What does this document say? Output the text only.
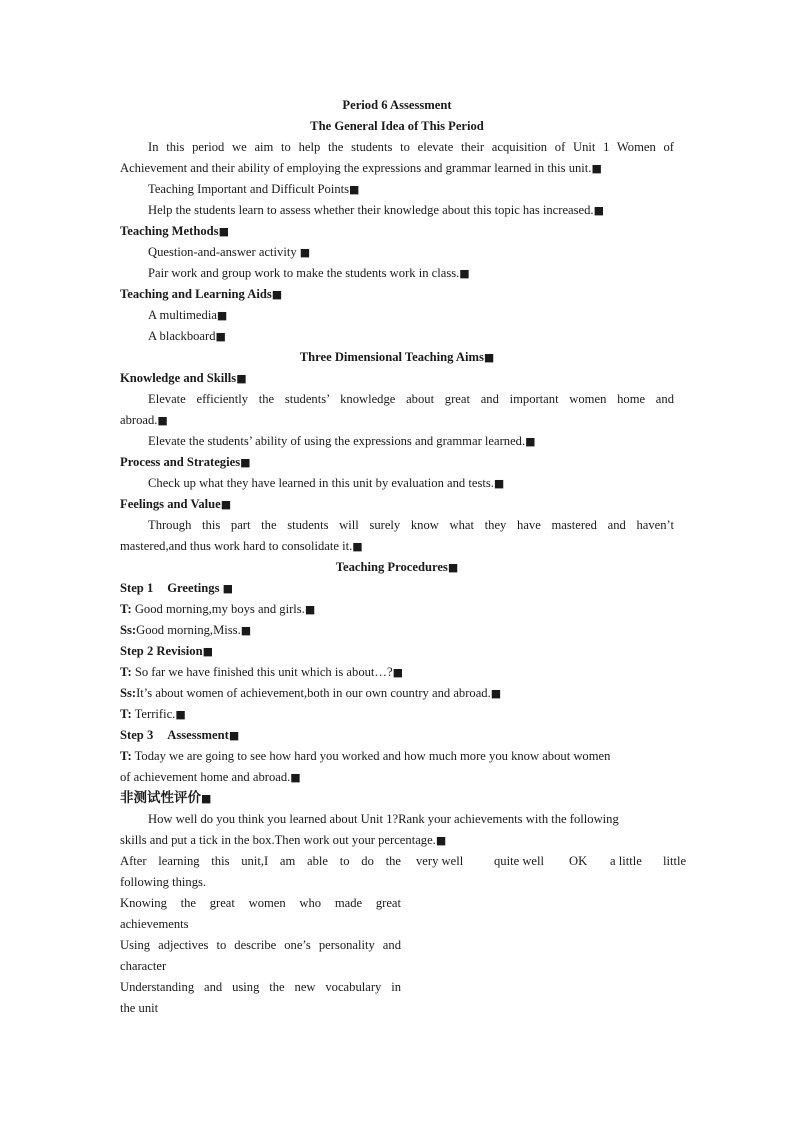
Period 6 Assessment
The General Idea of This Period
In this period we aim to help the students to elevate their acquisition of Unit 1 Women of
Achievement and their ability of employing the expressions and grammar learned in this unit.■
Teaching Important and Difficult Points■
Help the students learn to assess whether their knowledge about this topic has increased.■
Teaching Methods■
Question-and-answer activity ■
Pair work and group work to make the students work in class.■
Teaching and Learning Aids■
A multimedia■
A blackboard■
Three Dimensional Teaching Aims■
Knowledge and Skills■
Elevate efficiently the students’ knowledge about great and important women home and
abroad.■
Elevate the students’ ability of using the expressions and grammar learned.■
Process and Strategies■
Check up what they have learned in this unit by evaluation and tests.■
Feelings and Value■
Through this part the students will surely know what they have mastered and haven’t
mastered,and thus work hard to consolidate it.■
Teaching Procedures■
Step 1 Greetings ■
T: Good morning,my boys and girls.■
Ss:Good morning,Miss.■
Step 2 Revision■
T: So far we have finished this unit which is about…?■
Ss:It’s about women of achievement,both in our own country and abroad.■
T: Terrific.■
Step 3 Assessment■
T: Today we are going to see how hard you worked and how much more you know about women
of achievement home and abroad.■
非测试性评价■
How well do you think you learned about Unit 1?Rank your achievements with the following
skills and put a tick in the box.Then work out your percentage.■
After learning this unit,I am able to do the
following things.
very well quite well OK a little little
Knowing the great women who made great
achievements
Using adjectives to describe one’s personality and
character
Understanding and using the new vocabulary in
the unit
